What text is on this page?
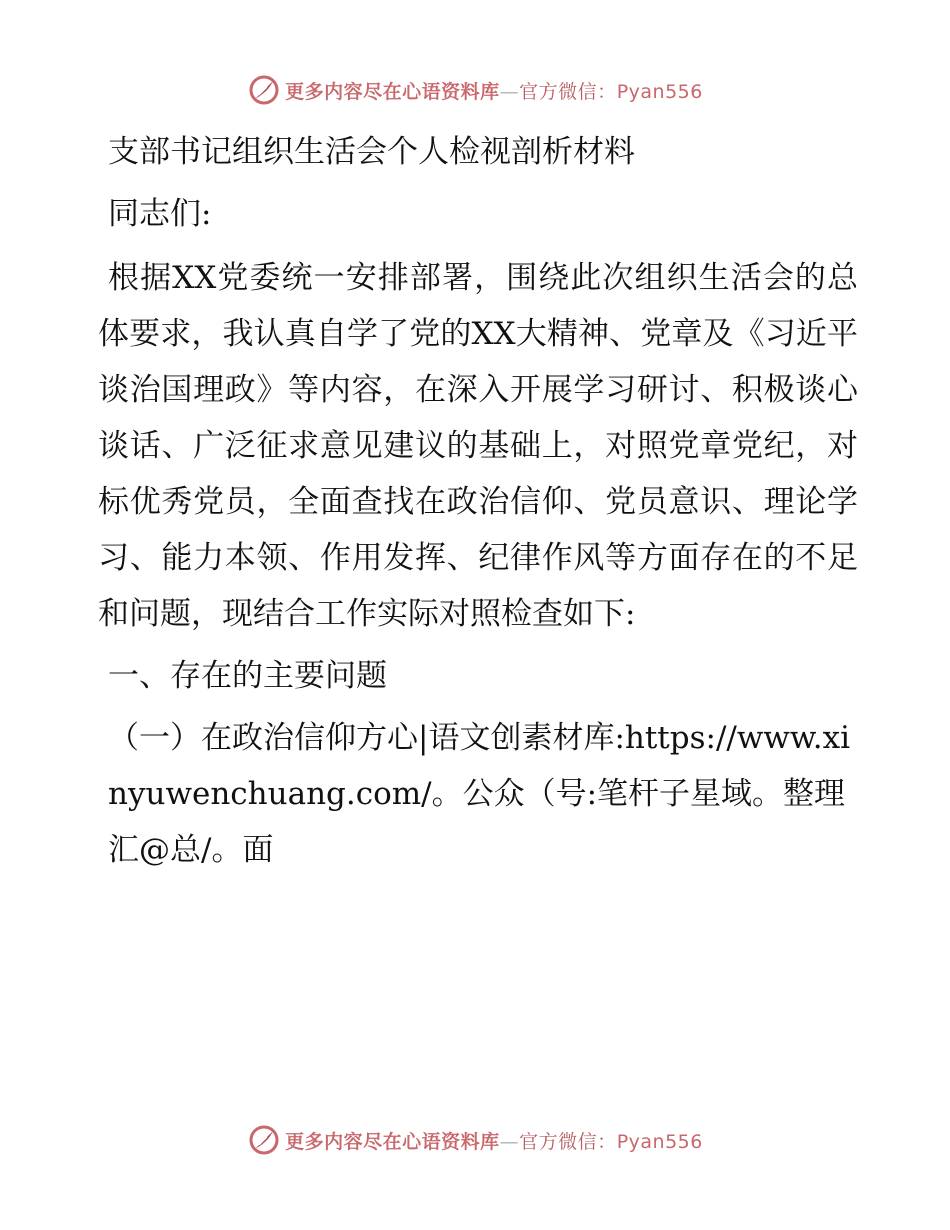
更多内容尽在心语资料库—官方微信：Pyan556

支部书记组织生活会个人检视剖析材料

同志们:

根据XX党委统一安排部署，围绕此次组织生活会的总体要求，我认真自学了党的XX大精神、党章及《习近平谈治国理政》等内容，在深入开展学习研讨、积极谈心谈话、广泛征求意见建议的基础上，对照党章党纪，对标优秀党员，全面查找在政治信仰、党员意识、理论学习、能力本领、作用发挥、纪律作风等方面存在的不足和问题，现结合工作实际对照检查如下:

一、存在的主要问题

（一）在政治信仰方心|语文创素材库:https://www.xinyuwenchuang.com/。公众（号:笔杆子星域。整理汇@总/。面

更多内容尽在心语资料库—官方微信：Pyan556
